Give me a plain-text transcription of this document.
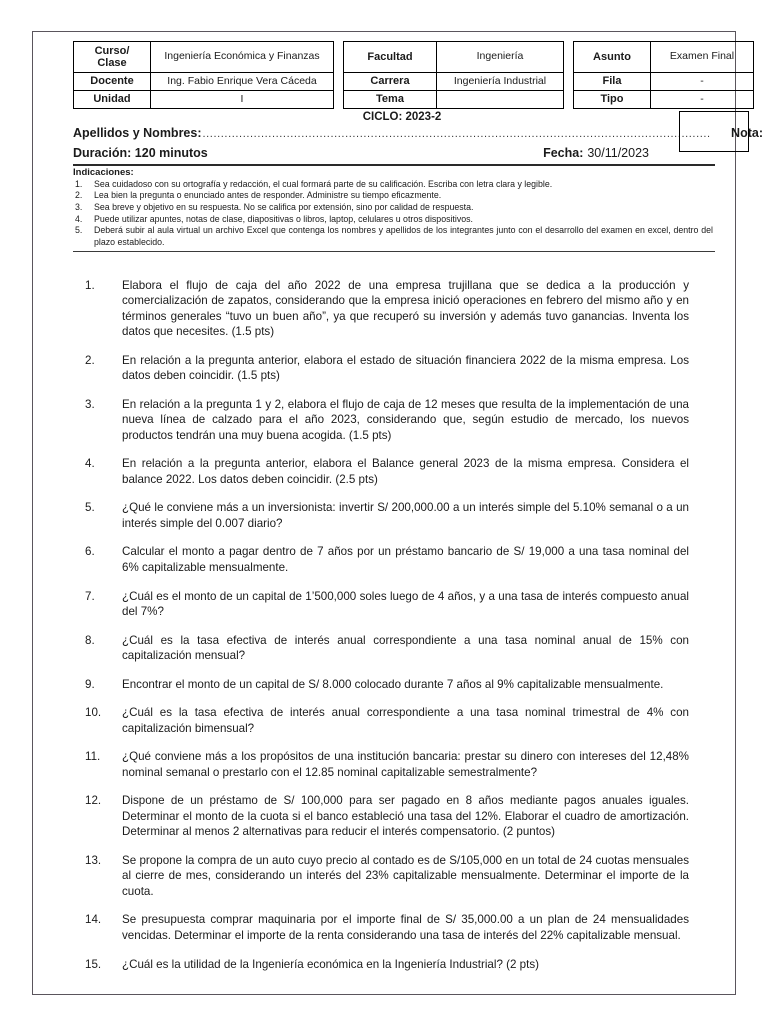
Curso/
Clase	Ingeniería Económica y Finanzas		Facultad	Ingeniería		Asunto	Examen Final
Docente	Ing. Fabio Enrique Vera Cáceda		Carrera	Ingeniería Industrial		Fila	-
Unidad	I		Tema			Tipo	-
CICLO: 2023-2
Apellidos y Nombres: ...........................................................................................................................................	Nota:
Duración: 120 minutos	Fecha: 30/11/2023
Indicaciones:
1. Sea cuidadoso con su ortografía y redacción, el cual formará parte de su calificación. Escriba con letra clara y legible.
2. Lea bien la pregunta o enunciado antes de responder. Administre su tiempo eficazmente.
3. Sea breve y objetivo en su respuesta. No se califica por extensión, sino por calidad de respuesta.
4. Puede utilizar apuntes, notas de clase, diapositivas o libros, laptop, celulares u otros dispositivos.
5. Deberá subir al aula virtual un archivo Excel que contenga los nombres y apellidos de los integrantes junto con el desarrollo del examen en excel, dentro del plazo establecido.
1.	Elabora el flujo de caja del año 2022 de una empresa trujillana que se dedica a la producción y comercialización de zapatos, considerando que la empresa inició operaciones en febrero del mismo año y en términos generales “tuvo un buen año”, ya que recuperó su inversión y además tuvo ganancias. Inventa los datos que necesites. (1.5 pts)
2.	En relación a la pregunta anterior, elabora el estado de situación financiera 2022 de la misma empresa. Los datos deben coincidir. (1.5 pts)
3.	En relación a la pregunta 1 y 2, elabora el flujo de caja de 12 meses que resulta de la implementación de una nueva línea de calzado para el año 2023, considerando que, según estudio de mercado, los nuevos productos tendrán una muy buena acogida. (1.5 pts)
4.	En relación a la pregunta anterior, elabora el Balance general 2023 de la misma empresa. Considera el balance 2022. Los datos deben coincidir. (2.5 pts)
5.	¿Qué le conviene más a un inversionista: invertir S/ 200,000.00 a un interés simple del 5.10% semanal o a un interés simple del 0.007 diario?
6.	Calcular el monto a pagar dentro de 7 años por un préstamo bancario de S/ 19,000 a una tasa nominal del 6% capitalizable mensualmente.
7.	¿Cuál es el monto de un capital de 1’500,000 soles luego de 4 años, y a una tasa de interés compuesto anual del 7%?
8.	¿Cuál es la tasa efectiva de interés anual correspondiente a una tasa nominal anual de 15% con capitalización mensual?
9.	Encontrar el monto de un capital de S/ 8.000 colocado durante 7 años al 9% capitalizable mensualmente.
10.	¿Cuál es la tasa efectiva de interés anual correspondiente a una tasa nominal trimestral de 4% con capitalización bimensual?
11.	¿Qué conviene más a los propósitos de una institución bancaria: prestar su dinero con intereses del 12,48% nominal semanal o prestarlo con el 12.85 nominal capitalizable semestralmente?
12.	Dispone de un préstamo de S/ 100,000 para ser pagado en 8 años mediante pagos anuales iguales. Determinar el monto de la cuota si el banco estableció una tasa del 12%. Elaborar el cuadro de amortización. Determinar al menos 2 alternativas para reducir el interés compensatorio. (2 puntos)
13.	Se propone la compra de un auto cuyo precio al contado es de S/105,000 en un total de 24 cuotas mensuales al cierre de mes, considerando un interés del 23% capitalizable mensualmente. Determinar el importe de la cuota.
14.	Se presupuesta comprar maquinaria por el importe final de S/ 35,000.00 a un plan de 24 mensualidades vencidas. Determinar el importe de la renta considerando una tasa de interés del 22% capitalizable mensual.
15.	¿Cuál es la utilidad de la Ingeniería económica en la Ingeniería Industrial? (2 pts)
